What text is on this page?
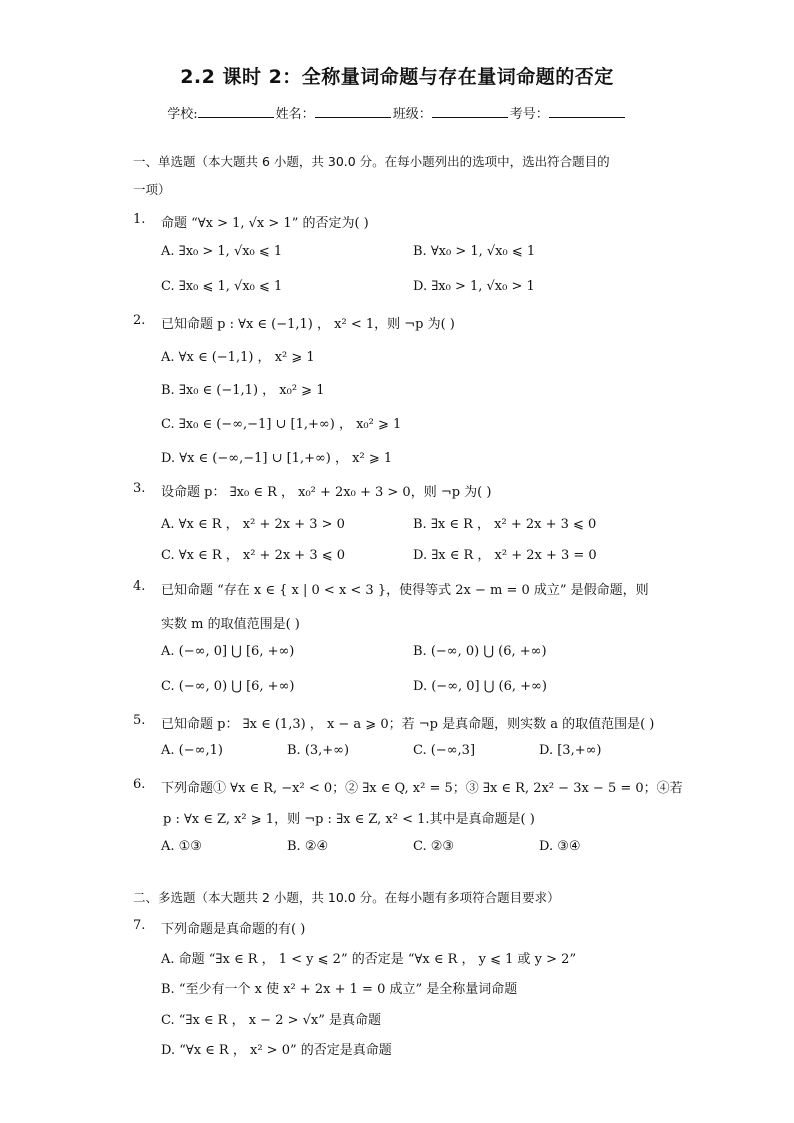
2.2 课时 2：全称量词命题与存在量词命题的否定
学校:	姓名：	班级：	考号：
一、单选题（本大题共 6 小题，共 30.0 分。在每小题列出的选项中，选出符合题目的
一项）
1.	命题 “∀x > 1, √x > 1” 的否定为( )
A. ∃x₀ > 1, √x₀ ⩽ 1	B. ∀x₀ > 1, √x₀ ⩽ 1
C. ∃x₀ ⩽ 1, √x₀ ⩽ 1	D. ∃x₀ > 1, √x₀ > 1
2.	已知命题 p : ∀x ∈ (−1,1) ， x² < 1，则 ¬p 为( )
A. ∀x ∈ (−1,1) ， x² ⩾ 1
B. ∃x₀ ∈ (−1,1) ， x₀² ⩾ 1
C. ∃x₀ ∈ (−∞,−1] ∪ [1,+∞) ， x₀² ⩾ 1
D. ∀x ∈ (−∞,−1] ∪ [1,+∞) ， x² ⩾ 1
3.	设命题 p： ∃x₀ ∈ R ， x₀² + 2x₀ + 3 > 0，则 ¬p 为( )
A. ∀x ∈ R ， x² + 2x + 3 > 0	B. ∃x ∈ R ， x² + 2x + 3 ⩽ 0
C. ∀x ∈ R ， x² + 2x + 3 ⩽ 0	D. ∃x ∈ R ， x² + 2x + 3 = 0
4.	已知命题 “存在 x ∈ { x | 0 < x < 3 }，使得等式 2x − m = 0 成立” 是假命题，则
实数 m 的取值范围是( )
A. (−∞, 0] ⋃ [6, +∞)	B. (−∞, 0) ⋃ (6, +∞)
C. (−∞, 0) ⋃ [6, +∞)	D. (−∞, 0] ⋃ (6, +∞)
5.	已知命题 p： ∃x ∈ (1,3) ， x − a ⩾ 0；若 ¬p 是真命题，则实数 a 的取值范围是( )
A. (−∞,1)	B. (3,+∞)	C. (−∞,3]	D. [3,+∞)
6.	下列命题① ∀x ∈ R, −x² < 0；② ∃x ∈ Q, x² = 5；③ ∃x ∈ R, 2x² − 3x − 5 = 0；④若
p : ∀x ∈ Z, x² ⩾ 1，则 ¬p : ∃x ∈ Z, x² < 1.其中是真命题是( )
A. ①③	B. ②④	C. ②③	D. ③④
二、多选题（本大题共 2 小题，共 10.0 分。在每小题有多项符合题目要求）
7.	下列命题是真命题的有( )
A. 命题 “∃x ∈ R ， 1 < y ⩽ 2” 的否定是 “∀x ∈ R ， y ⩽ 1 或 y > 2”
B. “至少有一个 x 使 x² + 2x + 1 = 0 成立” 是全称量词命题
C. “∃x ∈ R ， x − 2 > √x” 是真命题
D. “∀x ∈ R ， x² > 0” 的否定是真命题
